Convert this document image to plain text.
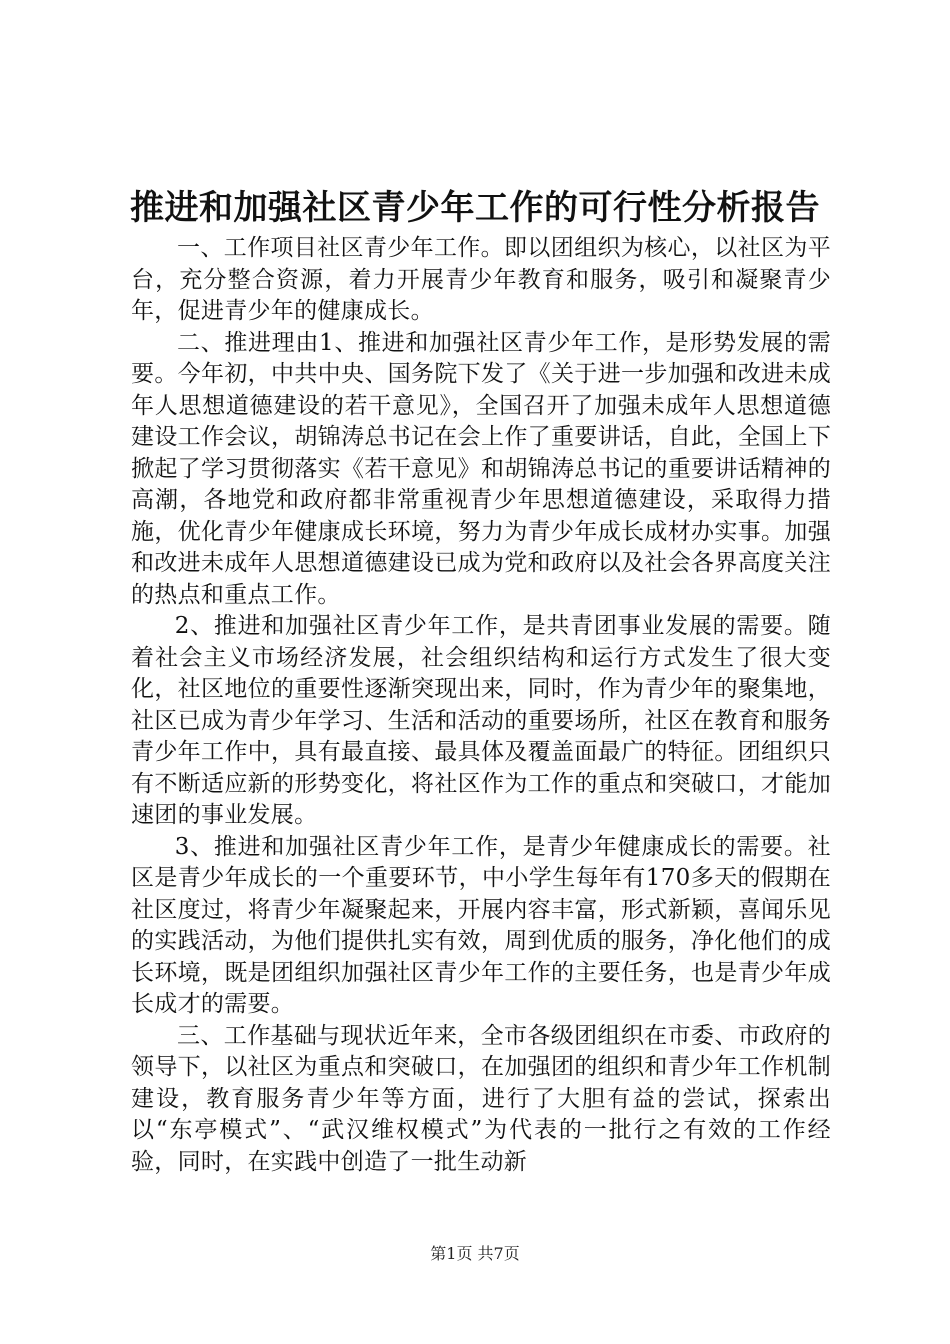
推进和加强社区青少年工作的可行性分析报告

一、工作项目社区青少年工作。即以团组织为核心，以社区为平台，充分整合资源，着力开展青少年教育和服务，吸引和凝聚青少年，促进青少年的健康成长。

二、推进理由1、推进和加强社区青少年工作，是形势发展的需要。今年初，中共中央、国务院下发了《关于进一步加强和改进未成年人思想道德建设的若干意见》，全国召开了加强未成年人思想道德建设工作会议，胡锦涛总书记在会上作了重要讲话，自此，全国上下掀起了学习贯彻落实《若干意见》和胡锦涛总书记的重要讲话精神的高潮，各地党和政府都非常重视青少年思想道德建设，采取得力措施，优化青少年健康成长环境，努力为青少年成长成材办实事。加强和改进未成年人思想道德建设已成为党和政府以及社会各界高度关注的热点和重点工作。

2、推进和加强社区青少年工作，是共青团事业发展的需要。随着社会主义市场经济发展，社会组织结构和运行方式发生了很大变化，社区地位的重要性逐渐突现出来，同时，作为青少年的聚集地，社区已成为青少年学习、生活和活动的重要场所，社区在教育和服务青少年工作中，具有最直接、最具体及覆盖面最广的特征。团组织只有不断适应新的形势变化，将社区作为工作的重点和突破口，才能加速团的事业发展。

3、推进和加强社区青少年工作，是青少年健康成长的需要。社区是青少年成长的一个重要环节，中小学生每年有170多天的假期在社区度过，将青少年凝聚起来，开展内容丰富，形式新颖，喜闻乐见的实践活动，为他们提供扎实有效，周到优质的服务，净化他们的成长环境，既是团组织加强社区青少年工作的主要任务，也是青少年成长成才的需要。

三、工作基础与现状近年来，全市各级团组织在市委、市政府的领导下，以社区为重点和突破口，在加强团的组织和青少年工作机制建设，教育服务青少年等方面，进行了大胆有益的尝试，探索出以“东亭模式”、“武汉维权模式”为代表的一批行之有效的工作经验，同时，在实践中创造了一批生动新

第1页 共7页
